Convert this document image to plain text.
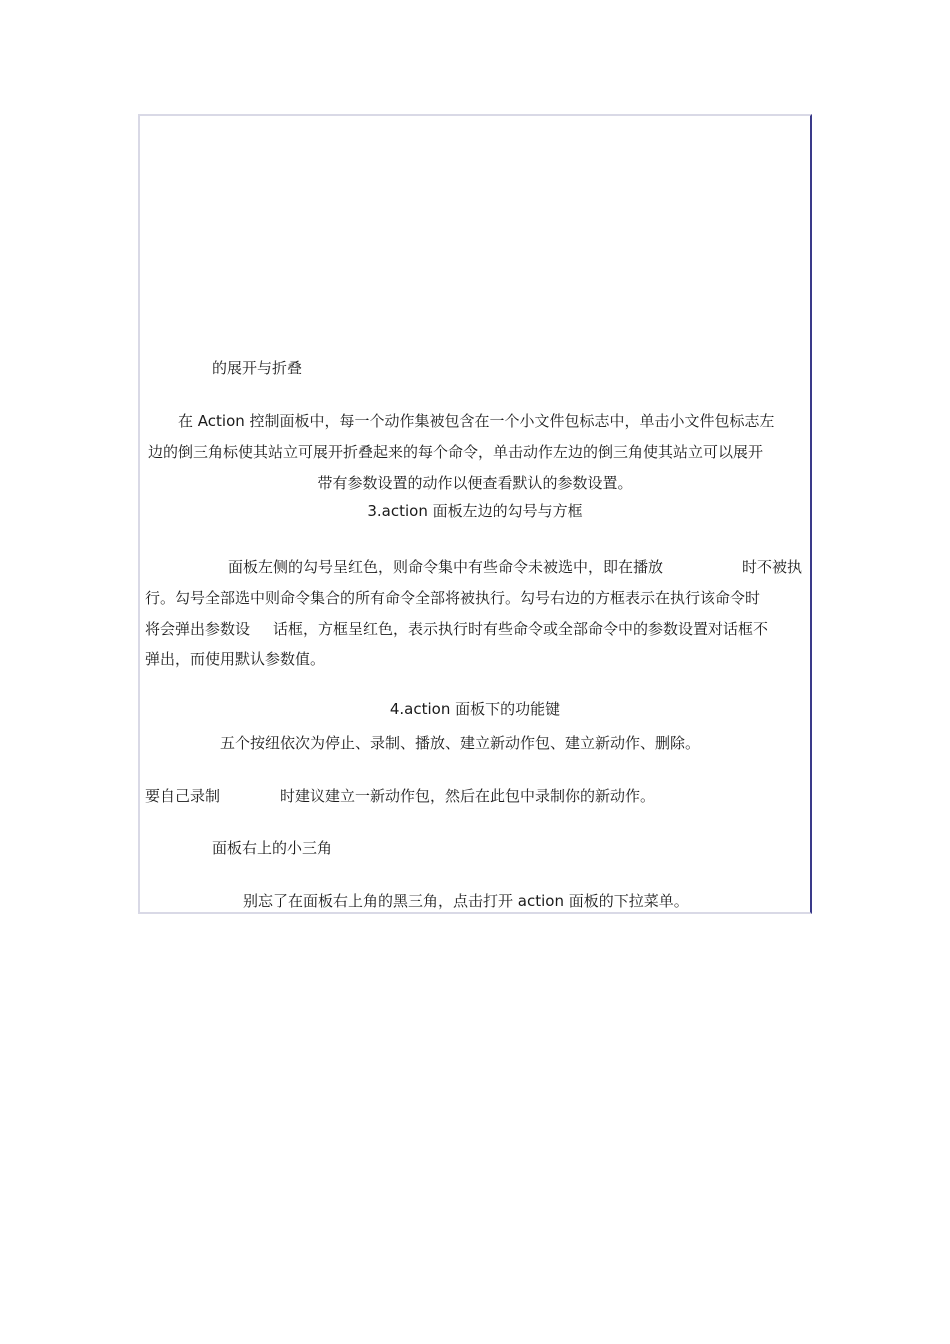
的展开与折叠
在 Action 控制面板中，每一个动作集被包含在一个小文件包标志中，单击小文件包标志左
边的倒三角标使其站立可展开折叠起来的每个命令，单击动作左边的倒三角使其站立可以展开
带有参数设置的动作以便查看默认的参数设置。
3.action 面板左边的勾号与方框
面板左侧的勾号呈红色，则命令集中有些命令未被选中，即在播放	时不被执
行。勾号全部选中则命令集合的所有命令全部将被执行。勾号右边的方框表示在执行该命令时
将会弹出参数设 话框，方框呈红色，表示执行时有些命令或全部命令中的参数设置对话框不
弹出，而使用默认参数值。
4.action 面板下的功能键
五个按纽依次为停止、录制、播放、建立新动作包、建立新动作、删除。
要自己录制	时建议建立一新动作包，然后在此包中录制你的新动作。
面板右上的小三角
别忘了在面板右上角的黑三角，点击打开 action 面板的下拉菜单。
